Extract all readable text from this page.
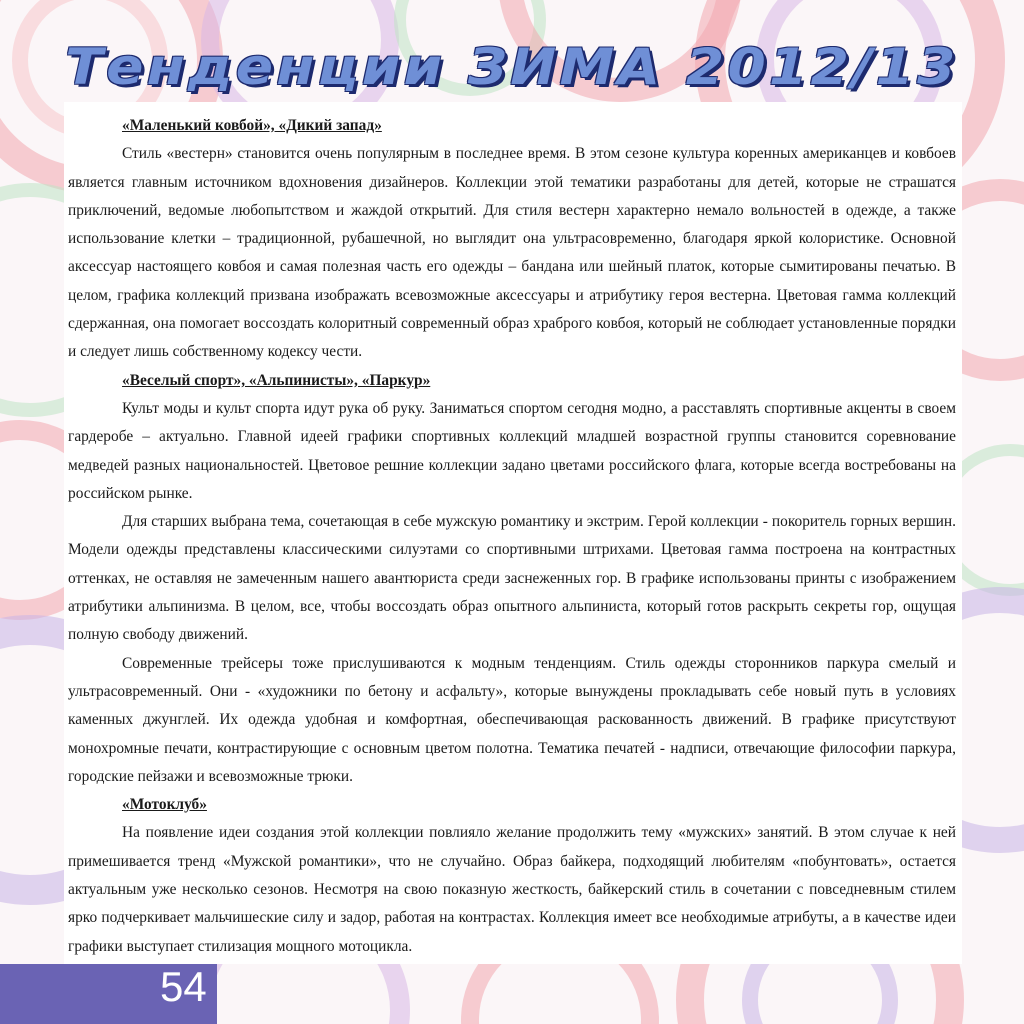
Тенденции ЗИМА 2012/13
«Маленький ковбой», «Дикий запад»

Стиль «вестерн» становится очень популярным в последнее время. В этом сезоне культура коренных американцев и ковбоев является главным источником вдохновения дизайнеров. Коллекции этой тематики разработаны для детей, которые не страшатся приключений, ведомые любопытством и жаждой открытий. Для стиля вестерн характерно немало вольностей в одежде, а также использование клетки – традиционной, рубашечной, но выглядит она ультрасовременно, благодаря яркой колористике. Основной аксессуар настоящего ковбоя и самая полезная часть его одежды – бандана или шейный платок, которые сымитированы печатью. В целом, графика коллекций призвана изображать всевозможные аксессуары и атрибутику героя вестерна. Цветовая гамма коллекций сдержанная, она помогает воссоздать колоритный современный образ храброго ковбоя, который не соблюдает установленные порядки и следует лишь собственному кодексу чести.

«Веселый спорт», «Альпинисты», «Паркур»

Культ моды и культ спорта идут рука об руку. Заниматься спортом сегодня модно, а расставлять спортивные акценты в своем гардеробе – актуально. Главной идеей графики спортивных коллекций младшей возрастной группы становится соревнование медведей разных национальностей. Цветовое решние коллекции задано цветами российского флага, которые всегда востребованы на российском рынке.

Для старших выбрана тема, сочетающая в себе мужскую романтику и экстрим. Герой коллекции - покоритель горных вершин. Модели одежды представлены классическими силуэтами со спортивными штрихами. Цветовая гамма построена на контрастных оттенках, не оставляя не замеченным нашего авантюриста среди заснеженных гор. В графике использованы принты с изображением атрибутики альпинизма. В целом, все, чтобы воссоздать образ опытного альпиниста, который готов раскрыть секреты гор, ощущая полную свободу движений.

Современные трейсеры тоже прислушиваются к модным тенденциям. Стиль одежды сторонников паркура смелый и ультрасовременный. Они - «художники по бетону и асфальту», которые вынуждены прокладывать себе новый путь в условиях каменных джунглей. Их одежда удобная и комфортная, обеспечивающая раскованность движений. В графике присутствуют монохромные печати, контрастирующие с основным цветом полотна. Тематика печатей - надписи, отвечающие философии паркура, городские пейзажи и всевозможные трюки.

«Мотоклуб»

На появление идеи создания этой коллекции повлияло желание продолжить тему «мужских» занятий. В этом случае к ней примешивается тренд «Мужской романтики», что не случайно. Образ байкера, подходящий любителям «побунтовать», остается актуальным уже несколько сезонов. Несмотря на свою показную жесткость, байкерский стиль в сочетании с повседневным стилем ярко подчеркивает мальчишеские силу и задор, работая на контрастах. Коллекция имеет все необходимые атрибуты, а в качестве идеи графики выступает стилизация мощного мотоцикла.

54
